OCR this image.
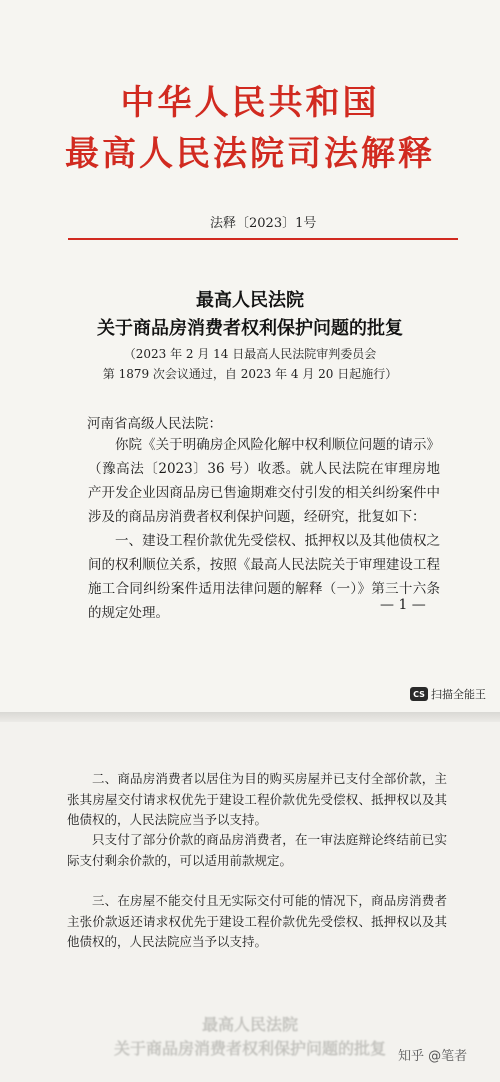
中华人民共和国
最高人民法院司法解释
法释〔2023〕1号
最高人民法院
关于商品房消费者权利保护问题的批复
（2023 年 2 月 14 日最高人民法院审判委员会
第 1879 次会议通过，自 2023 年 4 月 20 日起施行）
河南省高级人民法院：

你院《关于明确房企风险化解中权利顺位问题的请示》（豫高法〔2023〕36 号）收悉。就人民法院在审理房地产开发企业因商品房已售逾期难交付引发的相关纠纷案件中涉及的商品房消费者权利保护问题，经研究，批复如下：

一、建设工程价款优先受偿权、抵押权以及其他债权之间的权利顺位关系，按照《最高人民法院关于审理建设工程施工合同纠纷案件适用法律问题的解释（一）》第三十六条的规定处理。	— 1 —
CS 扫描全能王

二、商品房消费者以居住为目的购买房屋并已支付全部价款，主张其房屋交付请求权优先于建设工程价款优先受偿权、抵押权以及其他债权的，人民法院应当予以支持。

只支付了部分价款的商品房消费者，在一审法庭辩论终结前已实际支付剩余价款的，可以适用前款规定。

三、在房屋不能交付且无实际交付可能的情况下，商品房消费者主张价款返还请求权优先于建设工程价款优先受偿权、抵押权以及其他债权的，人民法院应当予以支持。

最高人民法院
关于商品房消费者权利保护问题的批复 知乎 @笔者
